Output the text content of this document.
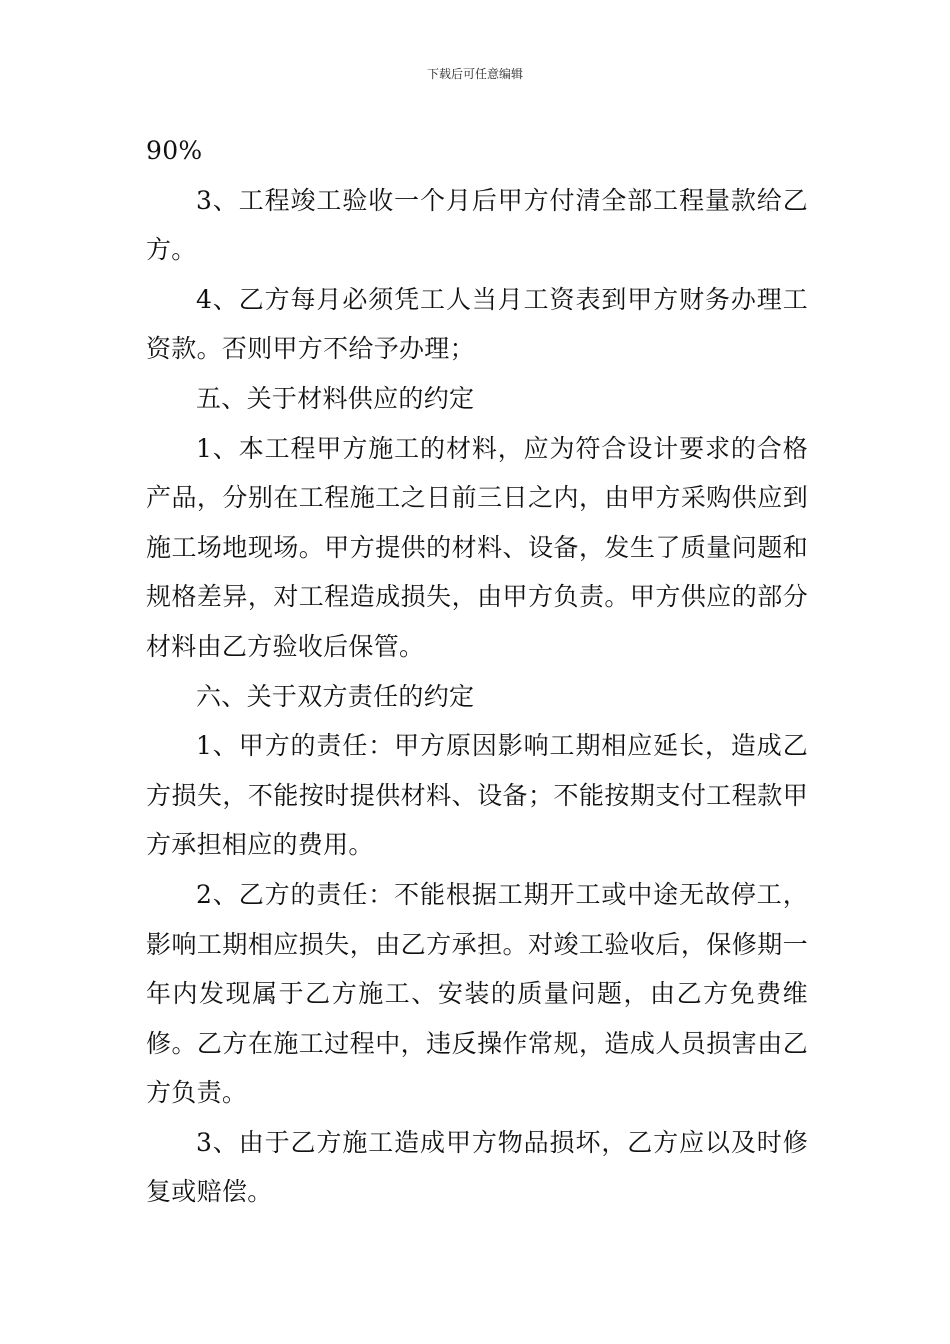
下载后可任意编辑

90%

3、工程竣工验收一个月后甲方付清全部工程量款给乙方。

4、乙方每月必须凭工人当月工资表到甲方财务办理工资款。否则甲方不给予办理；

五、关于材料供应的约定

1、本工程甲方施工的材料，应为符合设计要求的合格产品，分别在工程施工之日前三日之内，由甲方采购供应到施工场地现场。甲方提供的材料、设备，发生了质量问题和规格差异，对工程造成损失，由甲方负责。甲方供应的部分材料由乙方验收后保管。

六、关于双方责任的约定

1、甲方的责任：甲方原因影响工期相应延长，造成乙方损失，不能按时提供材料、设备；不能按期支付工程款甲方承担相应的费用。

2、乙方的责任：不能根据工期开工或中途无故停工，影响工期相应损失，由乙方承担。对竣工验收后，保修期一年内发现属于乙方施工、安装的质量问题，由乙方免费维修。乙方在施工过程中，违反操作常规，造成人员损害由乙方负责。

3、由于乙方施工造成甲方物品损坏，乙方应以及时修复或赔偿。
